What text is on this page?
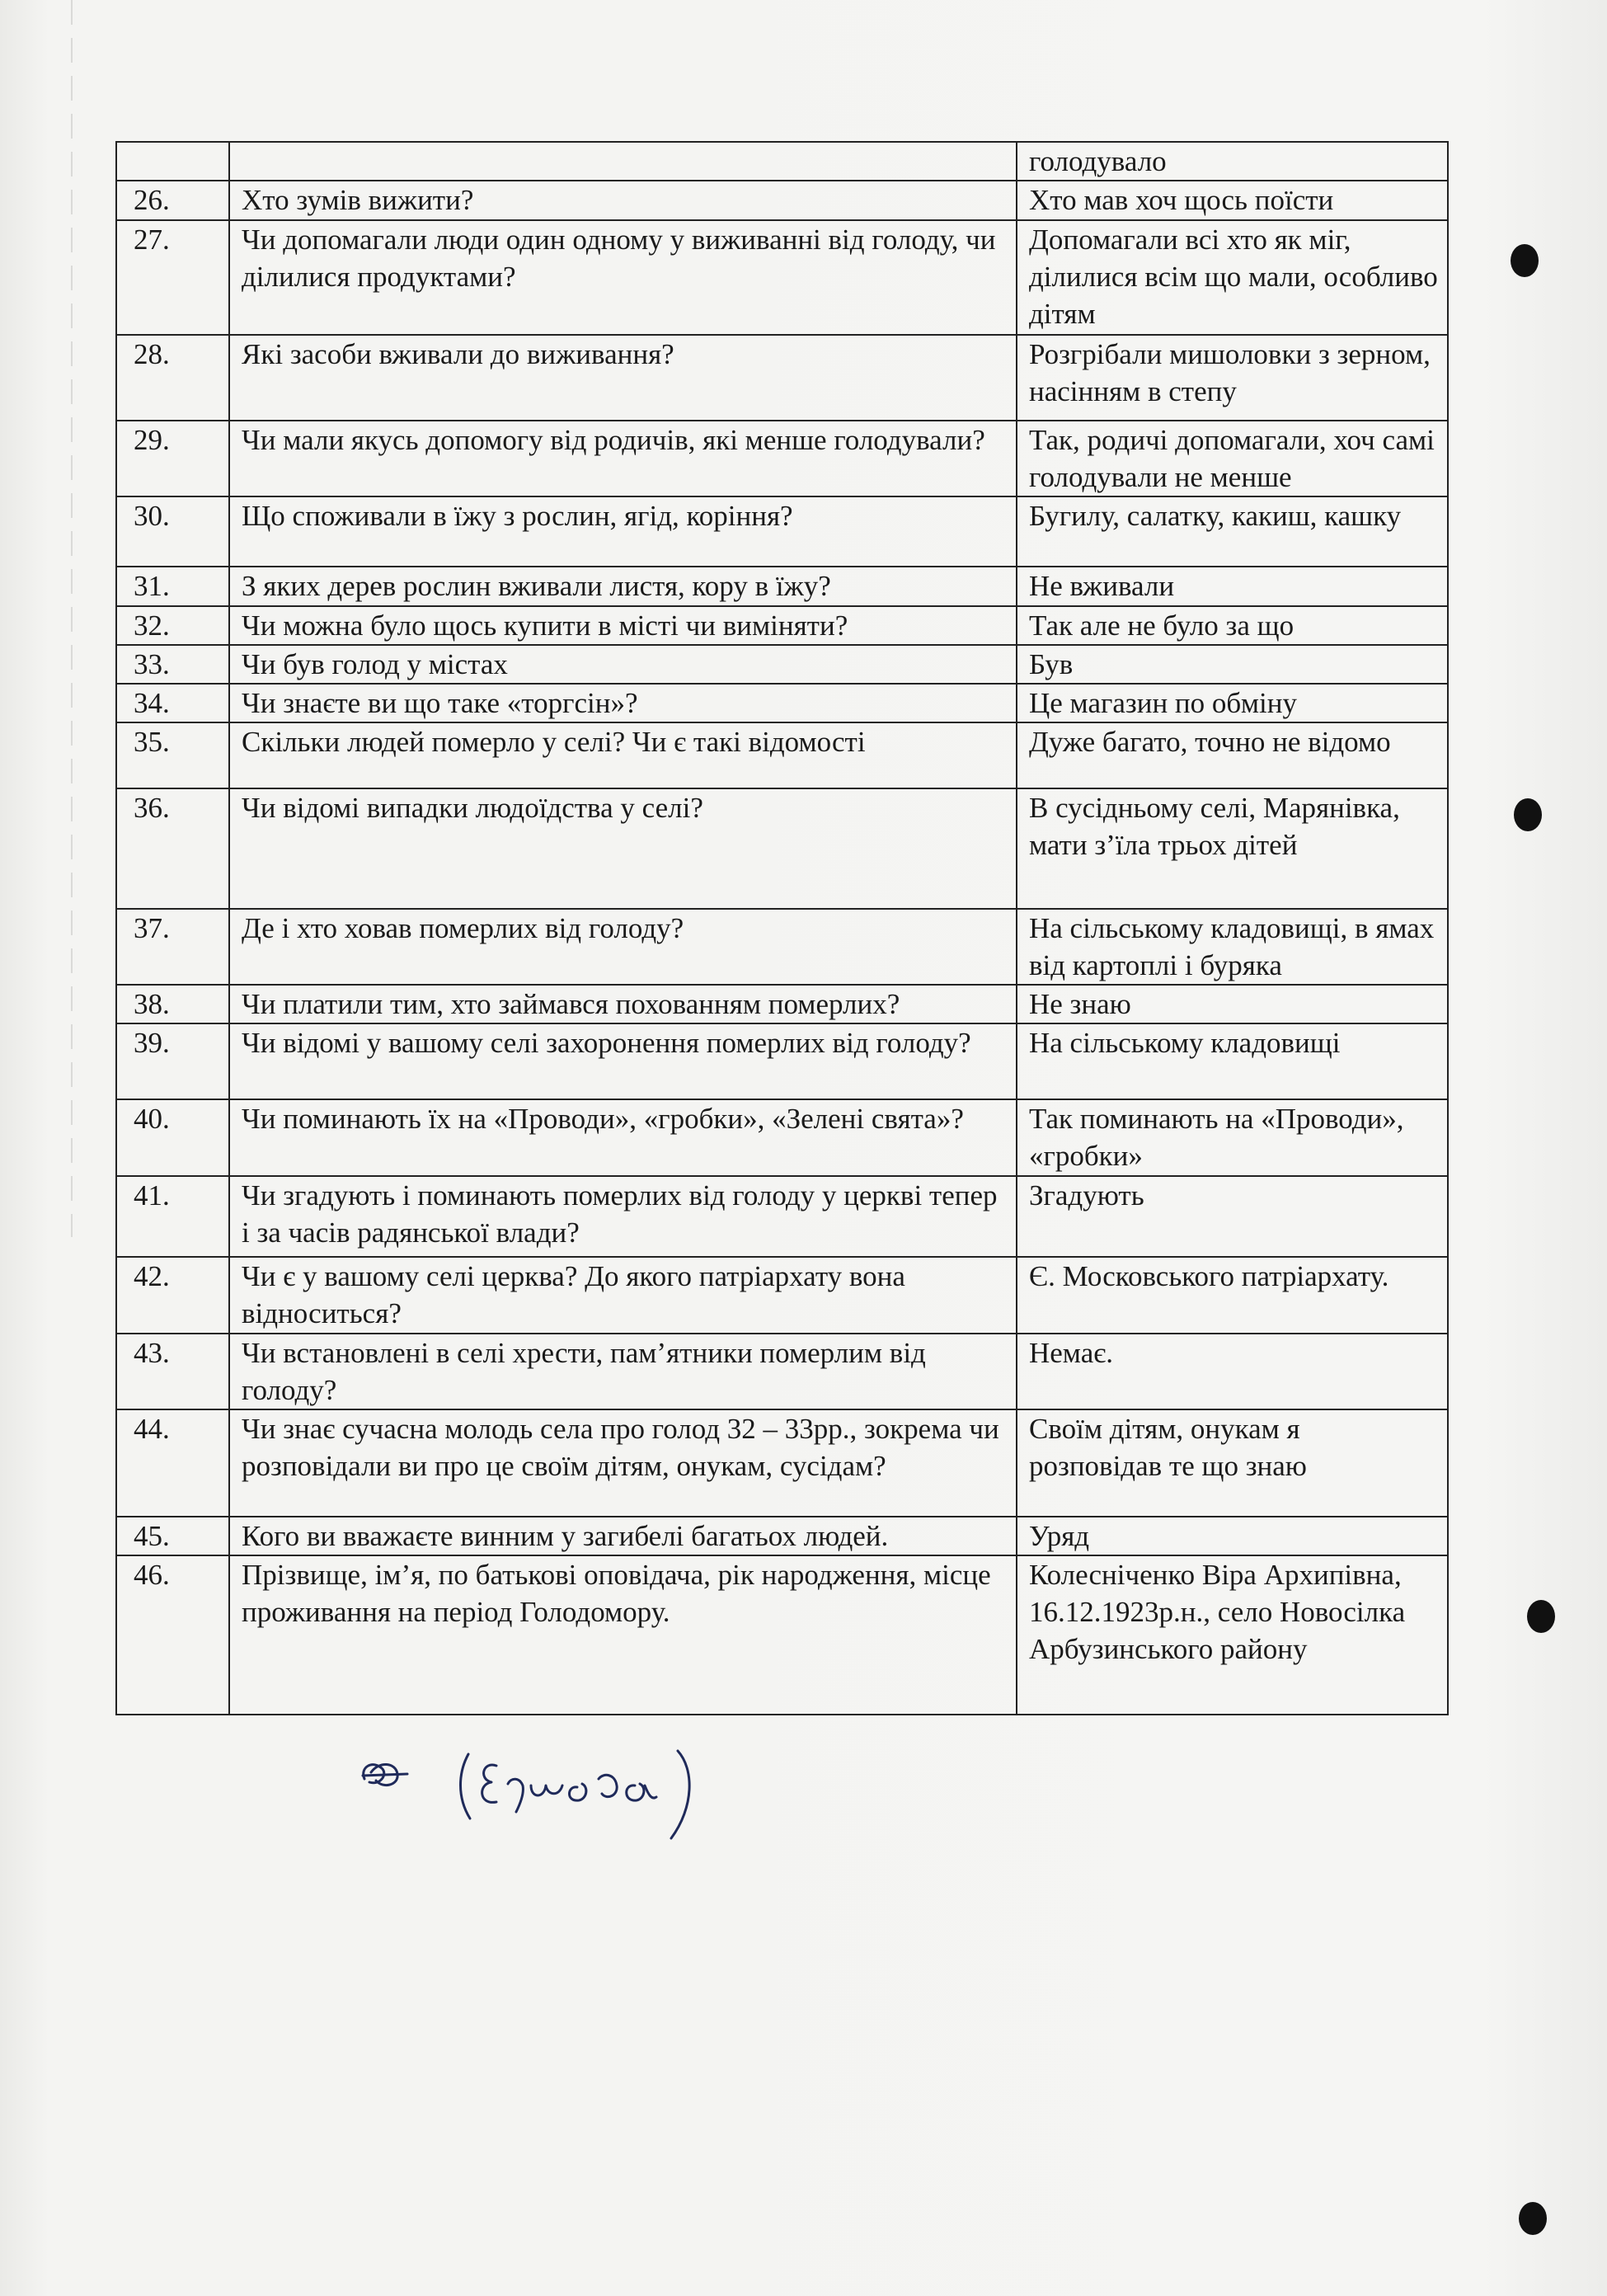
		голодувало
26.	Хто зумів вижити?	Хто мав хоч щось поїсти
27.	Чи допомагали люди один одному у виживанні від голоду, чи ділилися продуктами?	Допомагали всі хто як міг, ділилися всім що мали, особливо дітям
28.	Які засоби вживали до виживання?	Розгрібали мишоловки з зерном, насінням в степу
29.	Чи мали якусь допомогу від родичів, які менше голодували?	Так, родичі допомагали, хоч самі голодували не менше
30.	Що споживали в їжу з рослин, ягід, коріння?	Бугилу, салатку, какиш, кашку
31.	З яких дерев рослин вживали листя, кору в їжу?	Не вживали
32.	Чи можна було щось купити в місті чи виміняти?	Так але не було за що
33.	Чи був голод у містах	Був
34.	Чи знаєте ви що таке «торгсін»?	Це магазин по обміну
35.	Скільки людей померло у селі? Чи є такі відомості	Дуже багато, точно не відомо
36.	Чи відомі випадки людоїдства у селі?	В сусідньому селі, Марянівка, мати з’їла трьох дітей
37.	Де і хто ховав померлих від голоду?	На сільському кладовищі, в ямах від картоплі і буряка
38.	Чи платили тим, хто займався похованням померлих?	Не знаю
39.	Чи відомі у вашому селі захоронення померлих від голоду?	На сільському кладовищі
40.	Чи поминають їх на «Проводи», «гробки», «Зелені свята»?	Так поминають на «Проводи», «гробки»
41.	Чи згадують і поминають померлих від голоду у церкві тепер і за часів радянської влади?	Згадують
42.	Чи є у вашому селі церква? До якого патріархату вона відноситься?	Є. Московського патріархату.
43.	Чи встановлені в селі хрести, пам’ятники померлим від голоду?	Немає.
44.	Чи знає сучасна молодь села про голод 32 – 33рр., зокрема чи розповідали ви про це своїм дітям, онукам, сусідам?	Своїм дітям, онукам я розповідав те що знаю
45.	Кого ви вважаєте винним у загибелі багатьох людей.	Уряд
46.	Прізвище, ім’я, по батькові оповідача, рік народження, місце проживання на період Голодомору.	Колесніченко Віра Архипівна, 16.12.1923р.н., село Новосілка Арбузинського району
